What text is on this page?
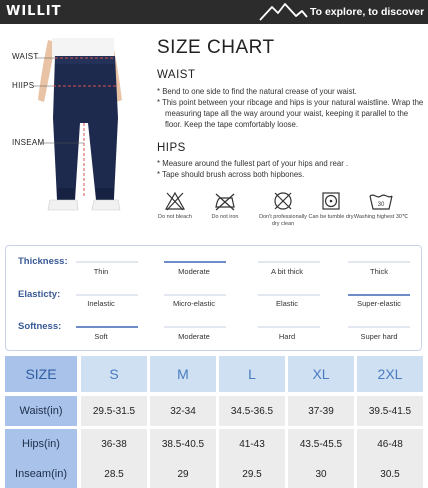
WILLIT	To explore, to discover
WAIST
HIIPS
INSEAM
SIZE CHART
WAIST

* Bend to one side to find the natural crease of your waist.

* This point between your ribcage and hips is your natural waistline. Wrap the measuring tape all the way around your waist, keeping it parallel to the floor. Keep the tape comfortably loose.

HIPS

* Measure around the fullest part of your hips and rear .

* Tape should brush across both hipbones.

Do not bleach	Do not iron	Don't professionally dry clean
Can be tumble dry
30
Washing highest 30℃
Thickness:
Thin	Moderate	A bit thick	Thick
Elasticty:
Inelastic	Micro-elastic	Elastic	Super-elastic
Softness:
Soft	Moderate	Hard	Super hard
SIZE	S	M	L	XL	2XL
Waist(in)	29.5-31.5	32-34	34.5-36.5	37-39	39.5-41.5
Hips(in)	36-38	38.5-40.5	41-43	43.5-45.5	46-48
Inseam(in)	28.5	29	29.5	30	30.5
